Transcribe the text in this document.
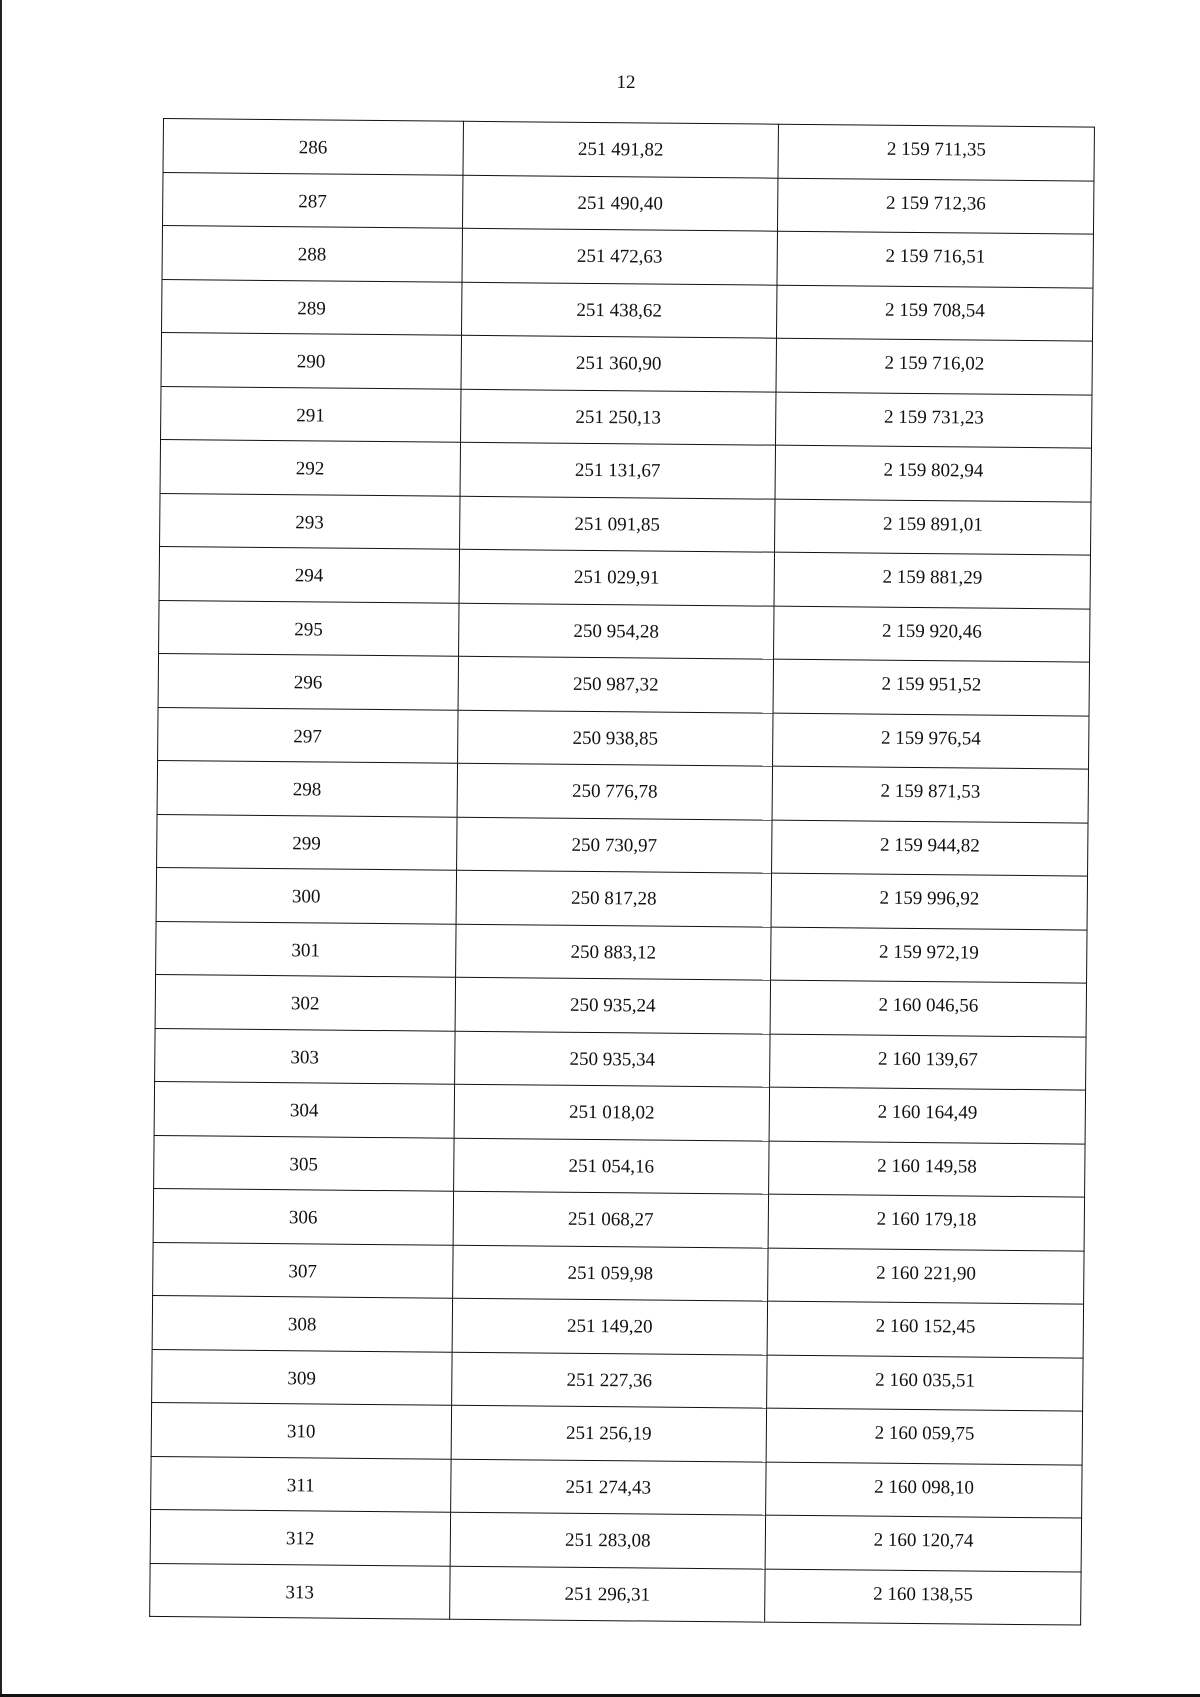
12
286	251 491,82	2 159 711,35
287	251 490,40	2 159 712,36
288	251 472,63	2 159 716,51
289	251 438,62	2 159 708,54
290	251 360,90	2 159 716,02
291	251 250,13	2 159 731,23
292	251 131,67	2 159 802,94
293	251 091,85	2 159 891,01
294	251 029,91	2 159 881,29
295	250 954,28	2 159 920,46
296	250 987,32	2 159 951,52
297	250 938,85	2 159 976,54
298	250 776,78	2 159 871,53
299	250 730,97	2 159 944,82
300	250 817,28	2 159 996,92
301	250 883,12	2 159 972,19
302	250 935,24	2 160 046,56
303	250 935,34	2 160 139,67
304	251 018,02	2 160 164,49
305	251 054,16	2 160 149,58
306	251 068,27	2 160 179,18
307	251 059,98	2 160 221,90
308	251 149,20	2 160 152,45
309	251 227,36	2 160 035,51
310	251 256,19	2 160 059,75
311	251 274,43	2 160 098,10
312	251 283,08	2 160 120,74
313	251 296,31	2 160 138,55
